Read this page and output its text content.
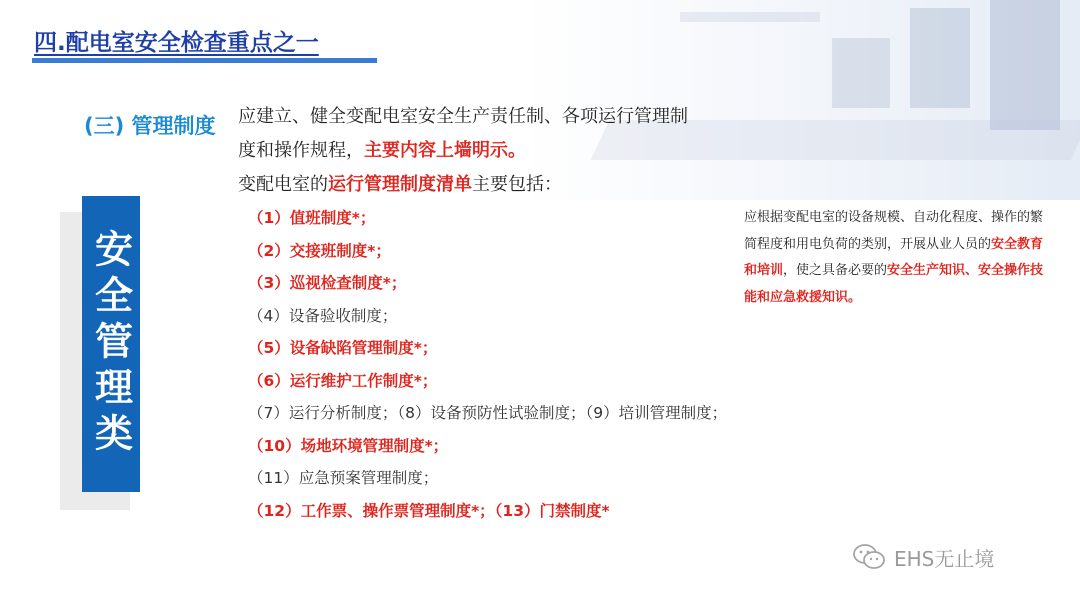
四.配电室安全检查重点之一
(三) 管理制度
安全管理类
应建立、健全变配电室安全生产责任制、各项运行管理制
度和操作规程，主要内容上墙明示。
变配电室的运行管理制度清单主要包括：
（1）值班制度*；
（2）交接班制度*；
（3）巡视检查制度*；
（4）设备验收制度；
（5）设备缺陷管理制度*；
（6）运行维护工作制度*；
（7）运行分析制度；（8）设备预防性试验制度；（9）培训管理制度；
（10）场地环境管理制度*；
（11）应急预案管理制度；
（12）工作票、操作票管理制度*；（13）门禁制度*
应根据变配电室的设备规模、自动化程度、操作的繁简程度和用电负荷的类别，开展从业人员的安全教育和培训，使之具备必要的安全生产知识、安全操作技能和应急救援知识。
EHS无止境
